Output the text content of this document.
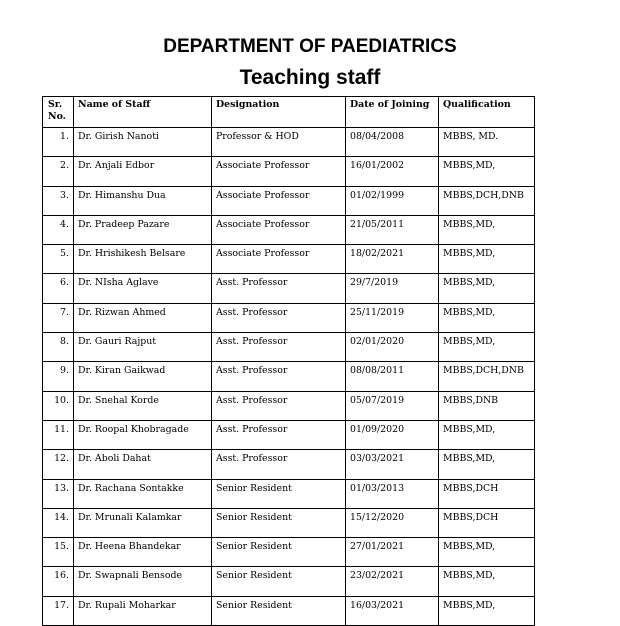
DEPARTMENT OF PAEDIATRICS
Teaching staff
Sr.
No.	Name of Staff	Designation	Date of Joining	Qualification
1.	Dr. Girish Nanoti	Professor & HOD	08/04/2008	MBBS, MD.
2.	Dr. Anjali Edbor	Associate Professor	16/01/2002	MBBS,MD,
3.	Dr. Himanshu Dua	Associate Professor	01/02/1999	MBBS,DCH,DNB
4.	Dr. Pradeep Pazare	Associate Professor	21/05/2011	MBBS,MD,
5.	Dr. Hrishikesh Belsare	Associate Professor	18/02/2021	MBBS,MD,
6.	Dr. NIsha Aglave	Asst. Professor	29/7/2019	MBBS,MD,
7.	Dr. Rizwan Ahmed	Asst. Professor	25/11/2019	MBBS,MD,
8.	Dr. Gauri Rajput	Asst. Professor	02/01/2020	MBBS,MD,
9.	Dr. Kiran Gaikwad	Asst. Professor	08/08/2011	MBBS,DCH,DNB
10.	Dr. Snehal Korde	Asst. Professor	05/07/2019	MBBS,DNB
11.	Dr. Roopal Khobragade	Asst. Professor	01/09/2020	MBBS,MD,
12.	Dr. Aboli Dahat	Asst. Professor	03/03/2021	MBBS,MD,
13.	Dr. Rachana Sontakke	Senior Resident	01/03/2013	MBBS,DCH
14.	Dr. Mrunali Kalamkar	Senior Resident	15/12/2020	MBBS,DCH
15.	Dr. Heena Bhandekar	Senior Resident	27/01/2021	MBBS,MD,
16.	Dr. Swapnali Bensode	Senior Resident	23/02/2021	MBBS,MD,
17.	Dr. Rupali Moharkar	Senior Resident	16/03/2021	MBBS,MD,
